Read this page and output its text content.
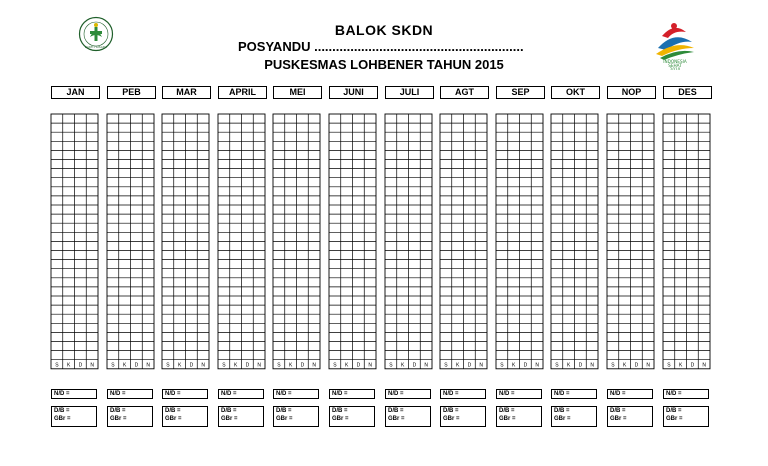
BAKTI HUSADA
INDONESIA
SEHAT
2010
BALOK SKDN
POSYANDU ..........................................................
PUSKESMAS LOHBENER TAHUN 2015
JAN
N/D =
D/B =
GBr =
PEB
N/D =
D/B =
GBr =
MAR
N/D =
D/B =
GBr =
APRIL
N/D =
D/B =
GBr =
MEI
N/D =
D/B =
GBr =
JUNI
N/D =
D/B =
GBr =
JULI
N/D =
D/B =
GBr =
AGT
N/D =
D/B =
GBr =
SEP
N/D =
D/B =
GBr =
OKT
N/D =
D/B =
GBr =
NOP
N/D =
D/B =
GBr =
DES
N/D =
D/B =
GBr =
S K D N	S K D N	S K D N	S K D N	S K D N	S K D N	S K D N	S K D N	S K D N	S K D N	S K D N	S K D N
